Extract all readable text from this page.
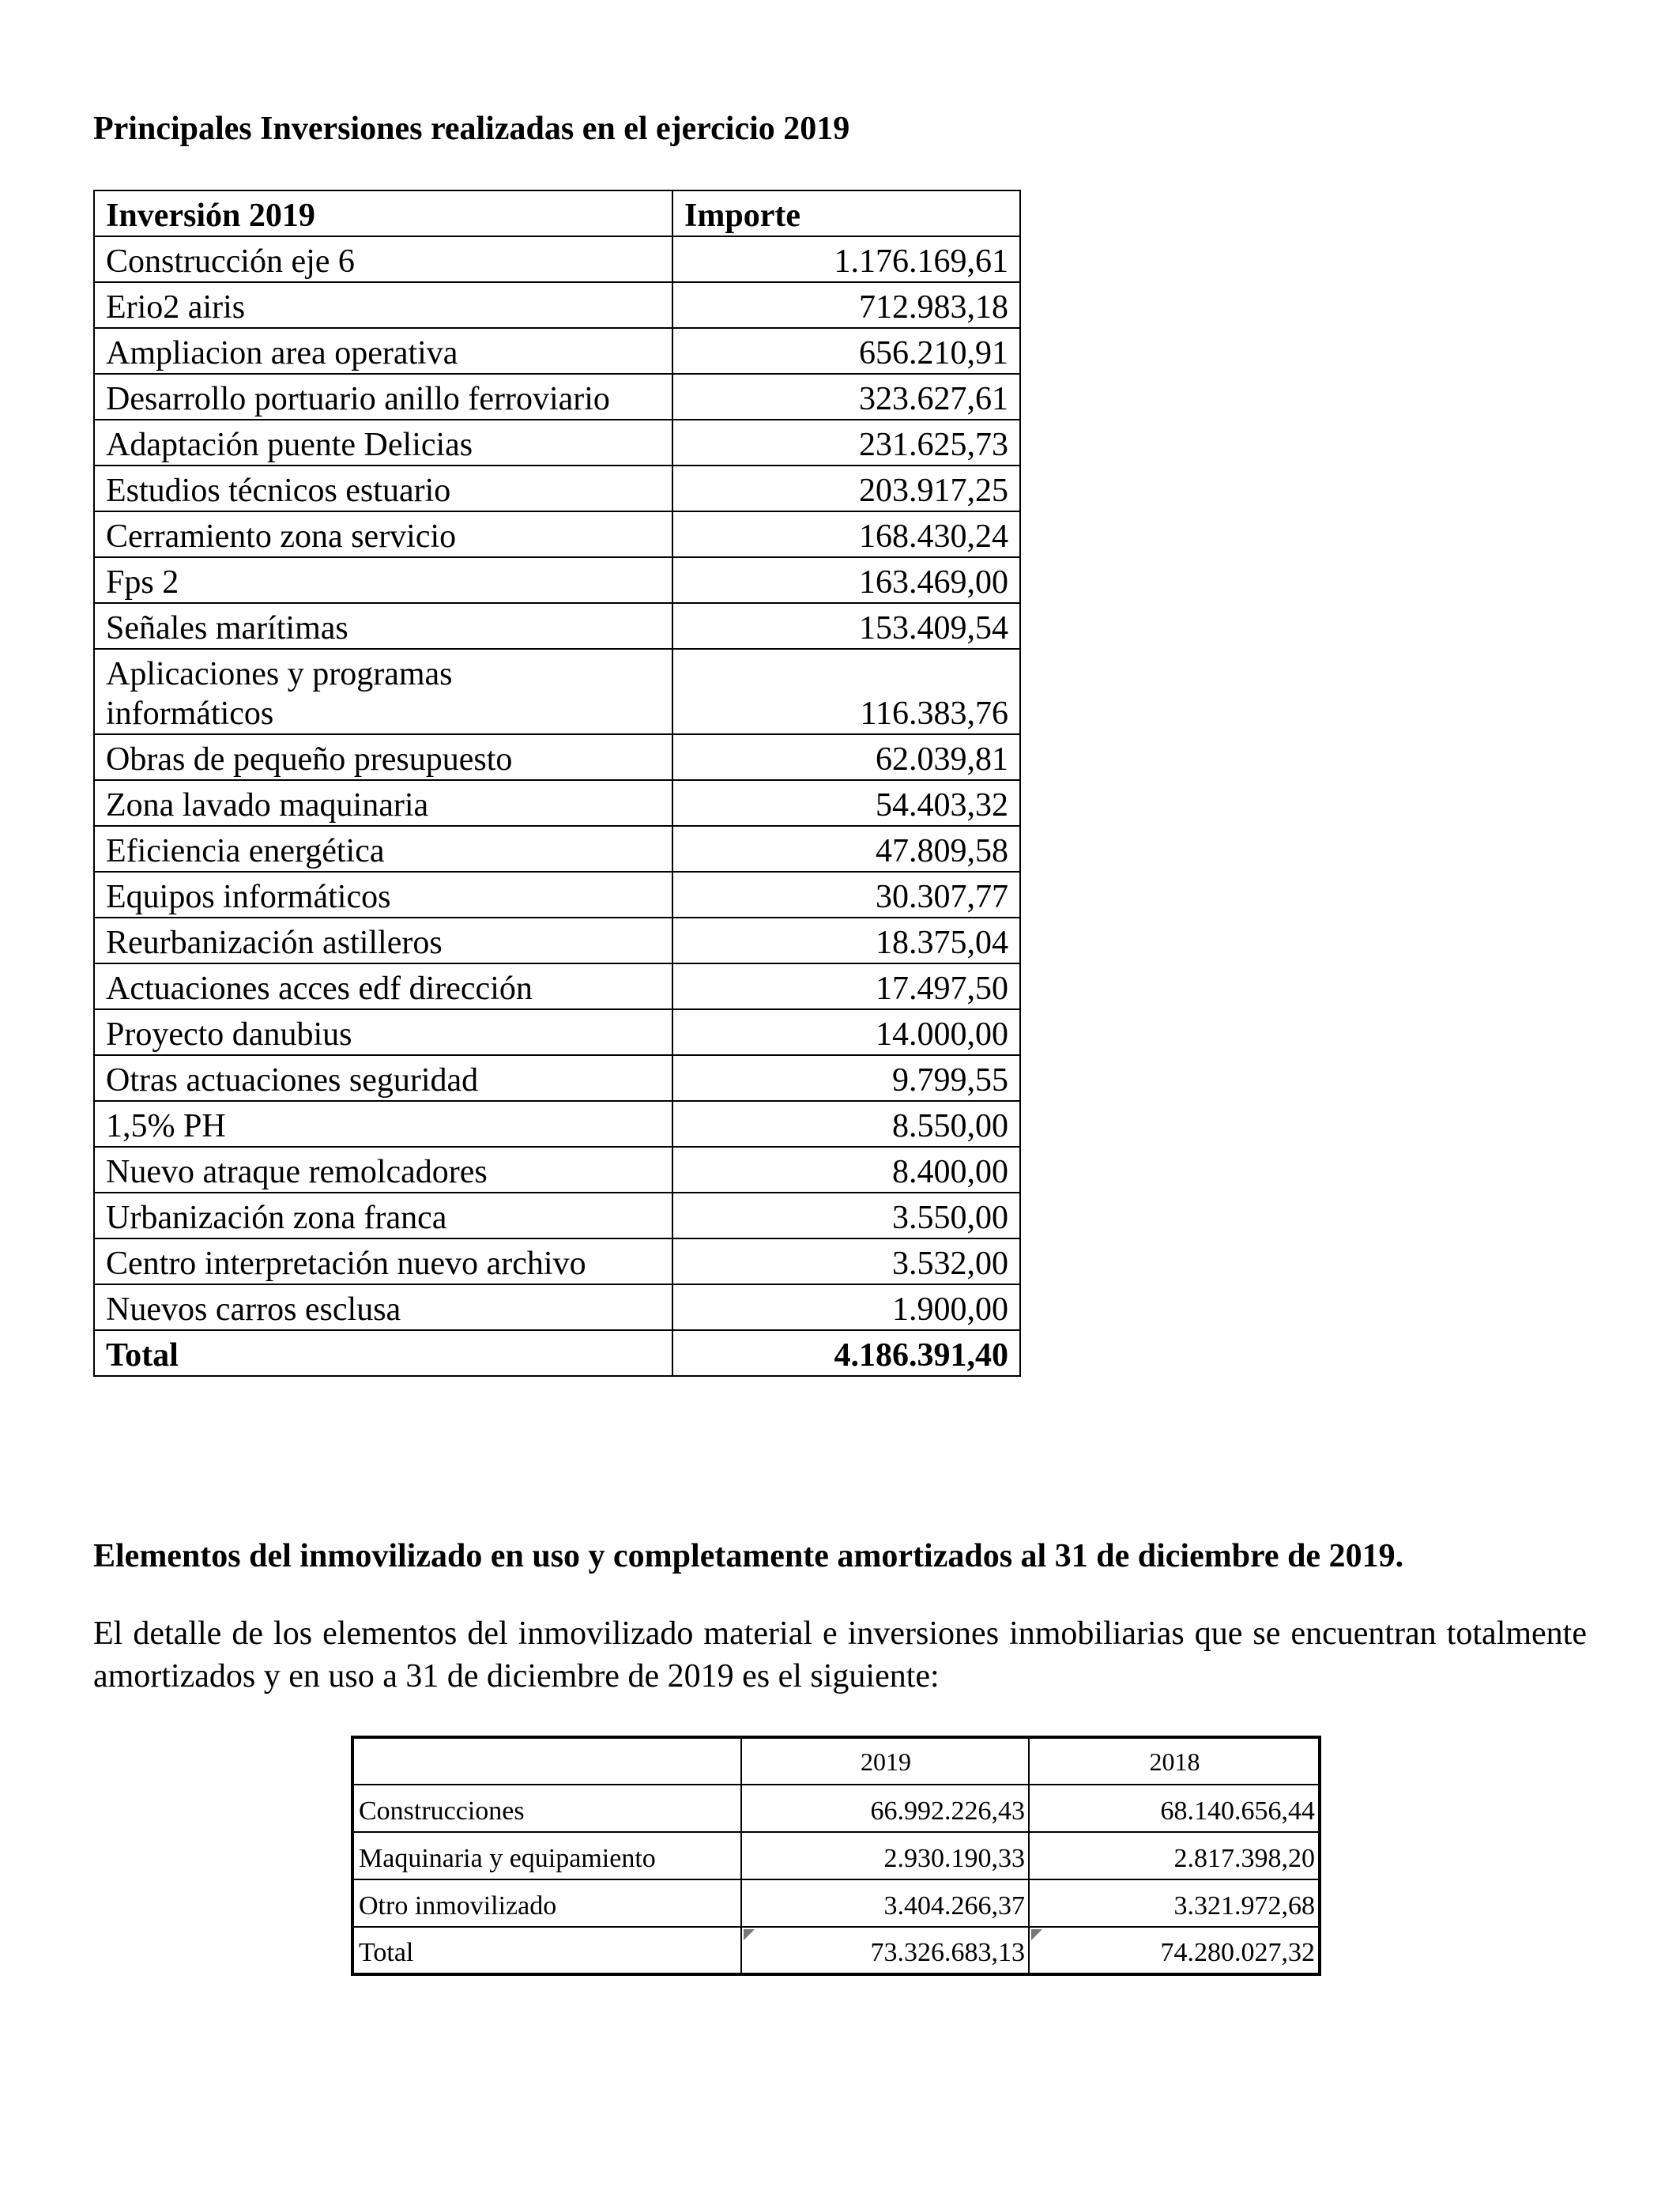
Principales Inversiones realizadas en el ejercicio 2019
Inversión 2019	Importe
Construcción eje 6	1.176.169,61
Erio2 airis	712.983,18
Ampliacion area operativa	656.210,91
Desarrollo portuario anillo ferroviario	323.627,61
Adaptación puente Delicias	231.625,73
Estudios técnicos estuario	203.917,25
Cerramiento zona servicio	168.430,24
Fps 2	163.469,00
Señales marítimas	153.409,54
Aplicaciones y programas
informáticos	116.383,76
Obras de pequeño presupuesto	62.039,81
Zona lavado maquinaria	54.403,32
Eficiencia energética	47.809,58
Equipos informáticos	30.307,77
Reurbanización astilleros	18.375,04
Actuaciones acces edf dirección	17.497,50
Proyecto danubius	14.000,00
Otras actuaciones seguridad	9.799,55
1,5% PH	8.550,00
Nuevo atraque remolcadores	8.400,00
Urbanización zona franca	3.550,00
Centro interpretación nuevo archivo	3.532,00
Nuevos carros esclusa	1.900,00
Total	4.186.391,40
Elementos del inmovilizado en uso y completamente amortizados al 31 de diciembre de 2019.
El detalle de los elementos del inmovilizado material e inversiones inmobiliarias que se encuentran totalmente amortizados y en uso a 31 de diciembre de 2019 es el siguiente:
	2019	2018
Construcciones	66.992.226,43	68.140.656,44
Maquinaria y equipamiento	2.930.190,33	2.817.398,20
Otro inmovilizado	3.404.266,37	3.321.972,68
Total	73.326.683,13	74.280.027,32
